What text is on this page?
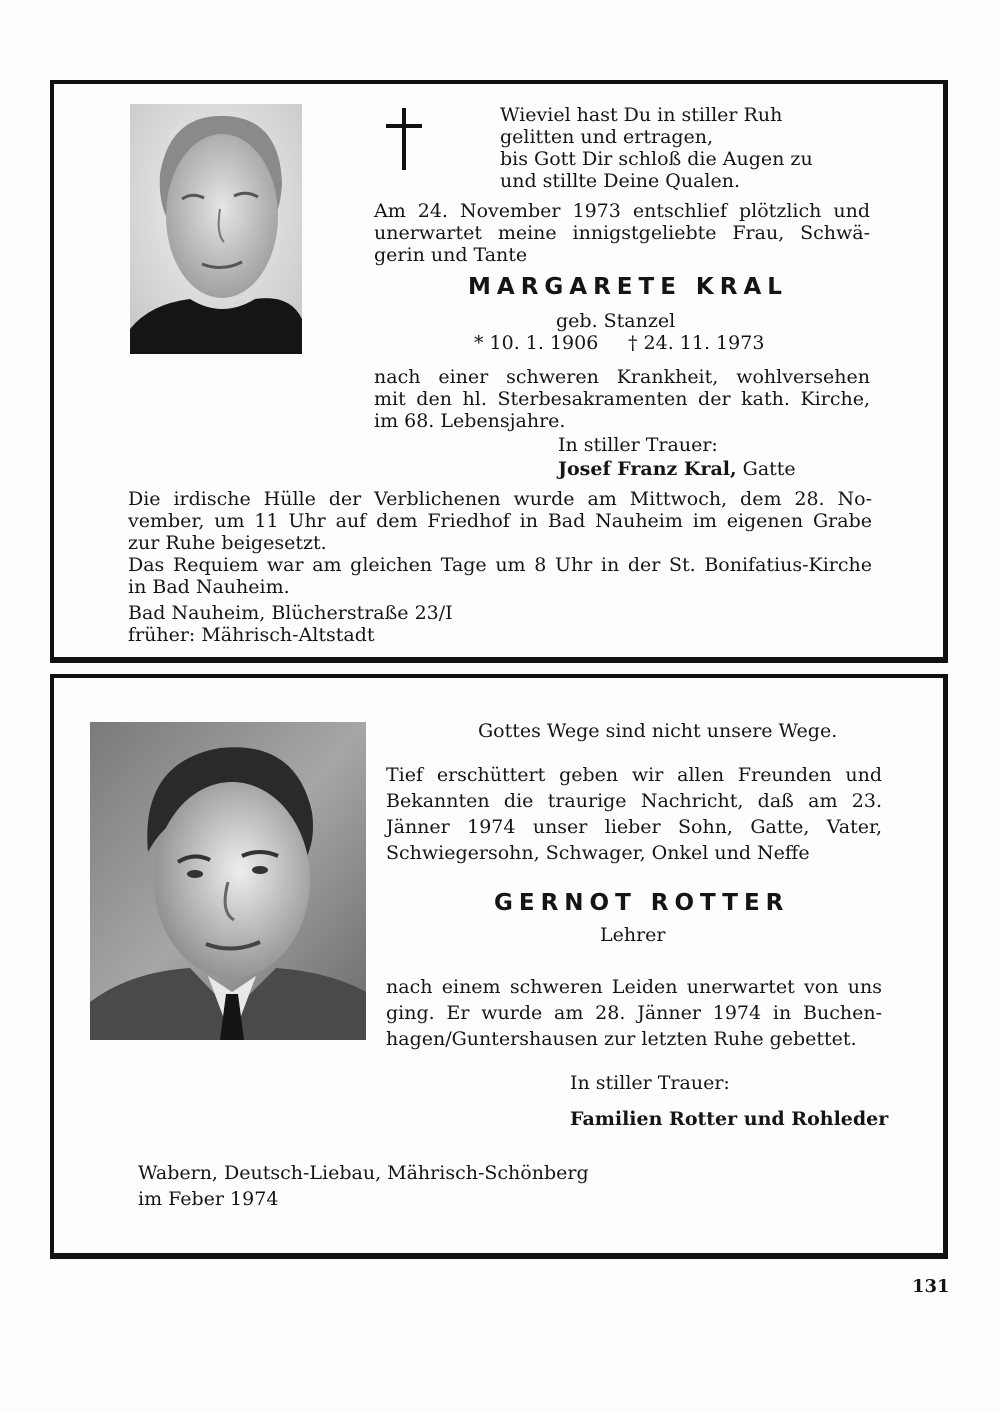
Wieviel hast Du in stiller Ruh

gelitten und ertragen,

bis Gott Dir schloß die Augen zu

und stillte Deine Qualen.

Am 24. November 1973 entschlief plötzlich und
unerwartet meine innigstgeliebte Frau, Schwä-
gerin und Tante
MARGARETE KRAL
geb. Stanzel
* 10. 1. 1906 † 24. 11. 1973
nach einer schweren Krankheit, wohlversehen
mit den hl. Sterbesakramenten der kath. Kirche,
im 68. Lebensjahre.
In stiller Trauer:
Josef Franz Kral, Gatte
Die irdische Hülle der Verblichenen wurde am Mittwoch, dem 28. No-
vember, um 11 Uhr auf dem Friedhof in Bad Nauheim im eigenen Grabe
zur Ruhe beigesetzt.
Das Requiem war am gleichen Tage um 8 Uhr in der St. Bonifatius-Kirche
in Bad Nauheim.

Bad Nauheim, Blücherstraße 23/I

früher: Mährisch-Altstadt

Gottes Wege sind nicht unsere Wege.
Tief erschüttert geben wir allen Freunden und
Bekannten die traurige Nachricht, daß am 23.
Jänner 1974 unser lieber Sohn, Gatte, Vater,
Schwiegersohn, Schwager, Onkel und Neffe
GERNOT ROTTER
Lehrer
nach einem schweren Leiden unerwartet von uns
ging. Er wurde am 28. Jänner 1974 in Buchen-
hagen/Guntershausen zur letzten Ruhe gebettet.
In stiller Trauer:
Familien Rotter und Rohleder

Wabern, Deutsch-Liebau, Mährisch-Schönberg

im Feber 1974

131
